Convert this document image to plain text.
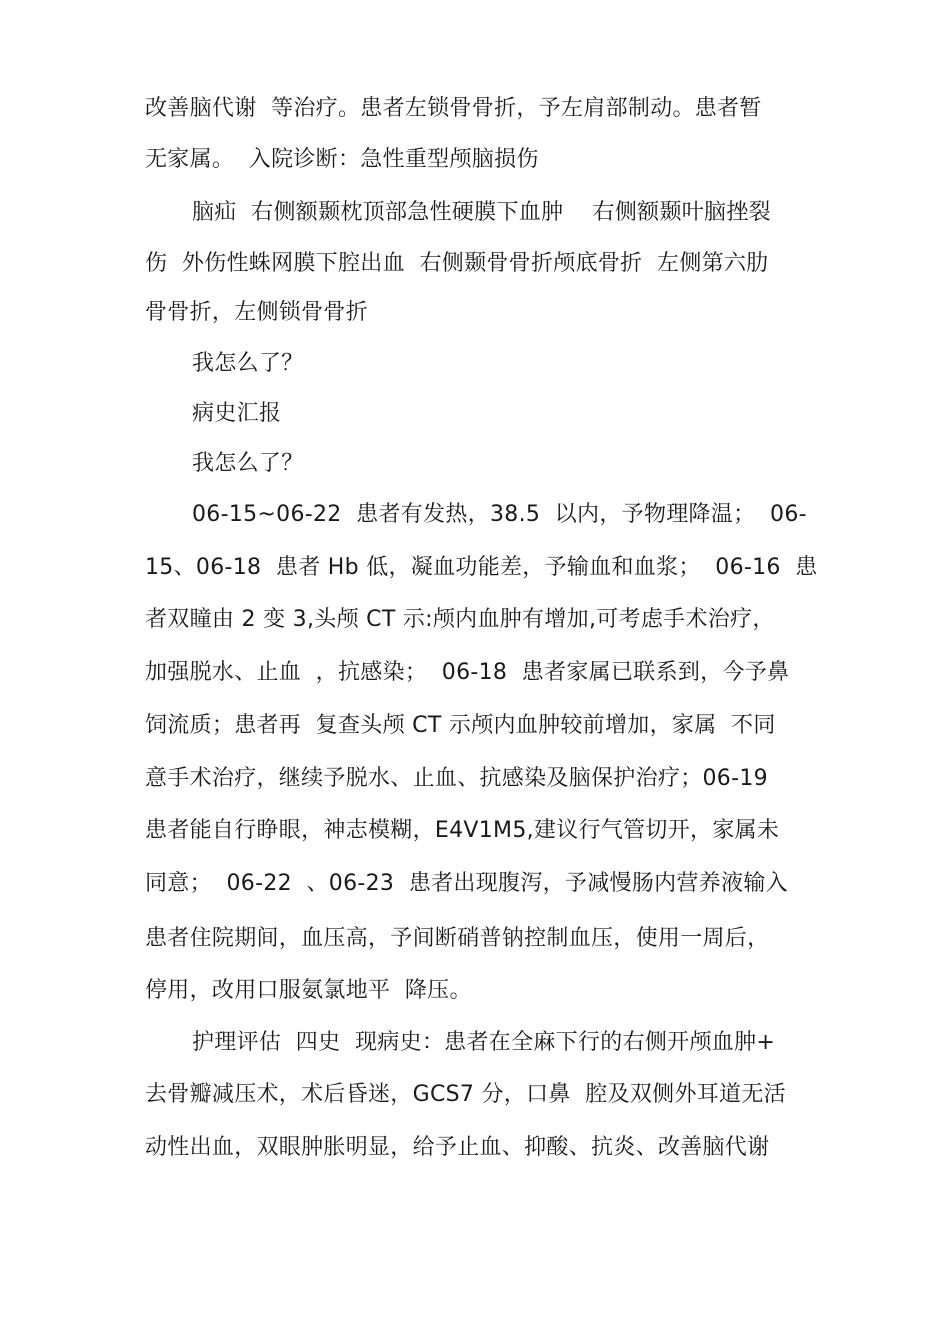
改善脑代谢  等治疗。患者左锁骨骨折，予左肩部制动。患者暂
无家属。  入院诊断：急性重型颅脑损伤
脑疝  右侧额颞枕顶部急性硬膜下血肿    右侧额颞叶脑挫裂
伤  外伤性蛛网膜下腔出血  右侧颞骨骨折颅底骨折  左侧第六肋
骨骨折，左侧锁骨骨折
我怎么了？
病史汇报
我怎么了？
06-15~06-22  患者有发热，38.5  以内，予物理降温；  06-
15、06-18  患者 Hb 低，凝血功能差，予输血和血浆；  06-16  患
者双瞳由 2 变 3,头颅 CT 示:颅内血肿有增加,可考虑手术治疗，
加强脱水、止血  ，抗感染；  06-18  患者家属已联系到，今予鼻
饲流质；患者再  复查头颅 CT 示颅内血肿较前增加，家属  不同
意手术治疗，继续予脱水、止血、抗感染及脑保护治疗；06-19
患者能自行睁眼，神志模糊，E4V1M5,建议行气管切开，家属未
同意；  06-22  、06-23  患者出现腹泻，予减慢肠内营养液输入
患者住院期间，血压高，予间断硝普钠控制血压，使用一周后，
停用，改用口服氨氯地平  降压。
护理评估  四史  现病史：患者在全麻下行的右侧开颅血肿+
去骨瓣减压术，术后昏迷，GCS7 分，口鼻  腔及双侧外耳道无活
动性出血，双眼肿胀明显，给予止血、抑酸、抗炎、改善脑代谢
